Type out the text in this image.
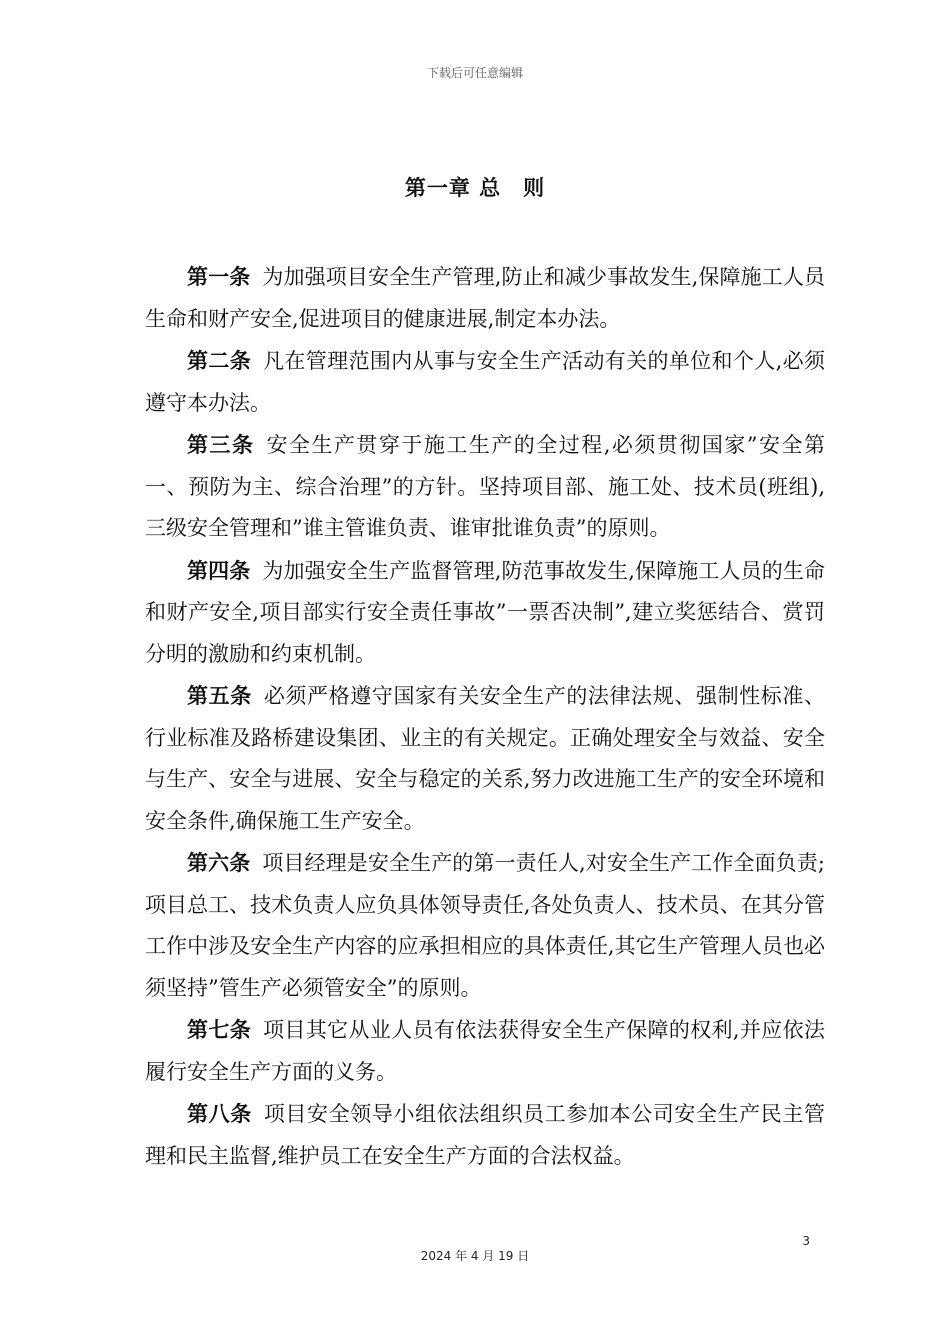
下载后可任意编辑
第一章 总　则

第一条 为加强项目安全生产管理,防止和减少事故发生,保障施工人员生命和财产安全,促进项目的健康进展,制定本办法。

第二条 凡在管理范围内从事与安全生产活动有关的单位和个人,必须遵守本办法。

第三条 安全生产贯穿于施工生产的全过程,必须贯彻国家”安全第一、预防为主、综合治理”的方针。坚持项目部、施工处、技术员(班组),三级安全管理和”谁主管谁负责、谁审批谁负责”的原则。

第四条 为加强安全生产监督管理,防范事故发生,保障施工人员的生命和财产安全,项目部实行安全责任事故”一票否决制”,建立奖惩结合、赏罚分明的激励和约束机制。

第五条 必须严格遵守国家有关安全生产的法律法规、强制性标准、行业标准及路桥建设集团、业主的有关规定。正确处理安全与效益、安全与生产、安全与进展、安全与稳定的关系,努力改进施工生产的安全环境和安全条件,确保施工生产安全。

第六条 项目经理是安全生产的第一责任人,对安全生产工作全面负责;项目总工、技术负责人应负具体领导责任,各处负责人、技术员、在其分管工作中涉及安全生产内容的应承担相应的具体责任,其它生产管理人员也必须坚持”管生产必须管安全”的原则。

第七条 项目其它从业人员有依法获得安全生产保障的权利,并应依法履行安全生产方面的义务。

第八条 项目安全领导小组依法组织员工参加本公司安全生产民主管理和民主监督,维护员工在安全生产方面的合法权益。

3
2024 年 4 月 19 日
